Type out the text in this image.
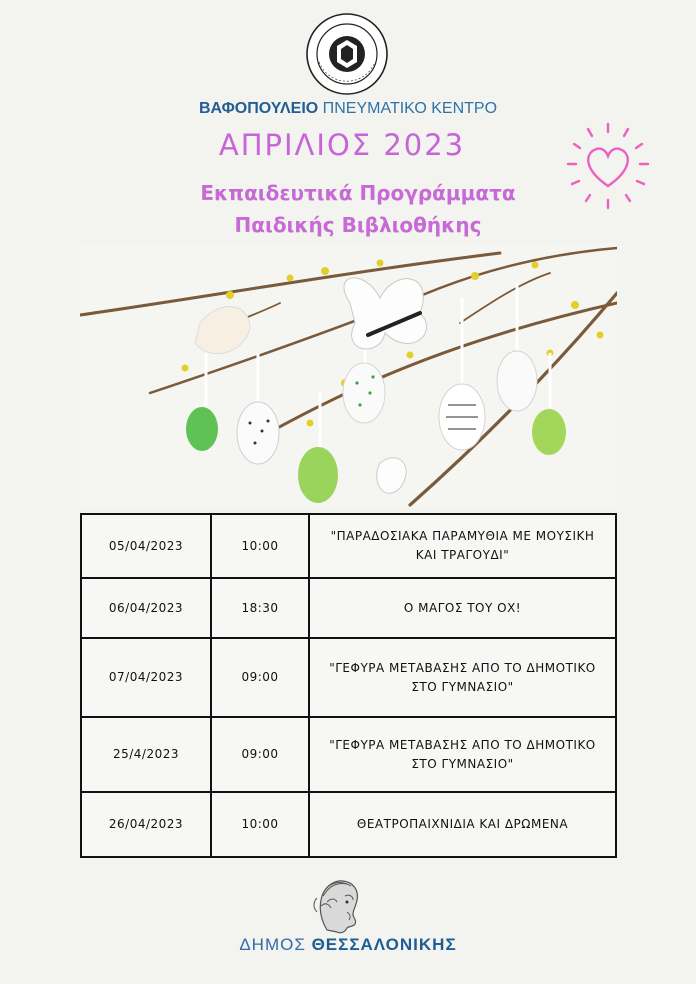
ΒΑΦΟΠΟΥΛΕΙΟ ΠΝΕΥΜΑΤΙΚΟ ΚΕΝΤΡΟ
ΑΠΡΙΛΙΟΣ 2023
Εκπαιδευτικά Προγράμματα
Παιδικής Βιβλιοθήκης
05/04/2023	10:00	"ΠΑΡΑΔΟΣΙΑΚΑ ΠΑΡΑΜΥΘΙΑ ΜΕ ΜΟΥΣΙΚΗ ΚΑΙ ΤΡΑΓΟΥΔΙ"
06/04/2023	18:30	Ο ΜΑΓΟΣ ΤΟΥ ΟΧ!
07/04/2023	09:00	"ΓΕΦΥΡΑ ΜΕΤΑΒΑΣΗΣ ΑΠΟ ΤΟ ΔΗΜΟΤΙΚΟ ΣΤΟ ΓΥΜΝΑΣΙΟ"
25/4/2023	09:00	"ΓΕΦΥΡΑ ΜΕΤΑΒΑΣΗΣ ΑΠΟ ΤΟ ΔΗΜΟΤΙΚΟ ΣΤΟ ΓΥΜΝΑΣΙΟ"
26/04/2023	10:00	ΘΕΑΤΡΟΠΑΙΧΝΙΔΙΑ ΚΑΙ ΔΡΩΜΕΝΑ
ΔΗΜΟΣ ΘΕΣΣΑΛΟΝΙΚΗΣ
